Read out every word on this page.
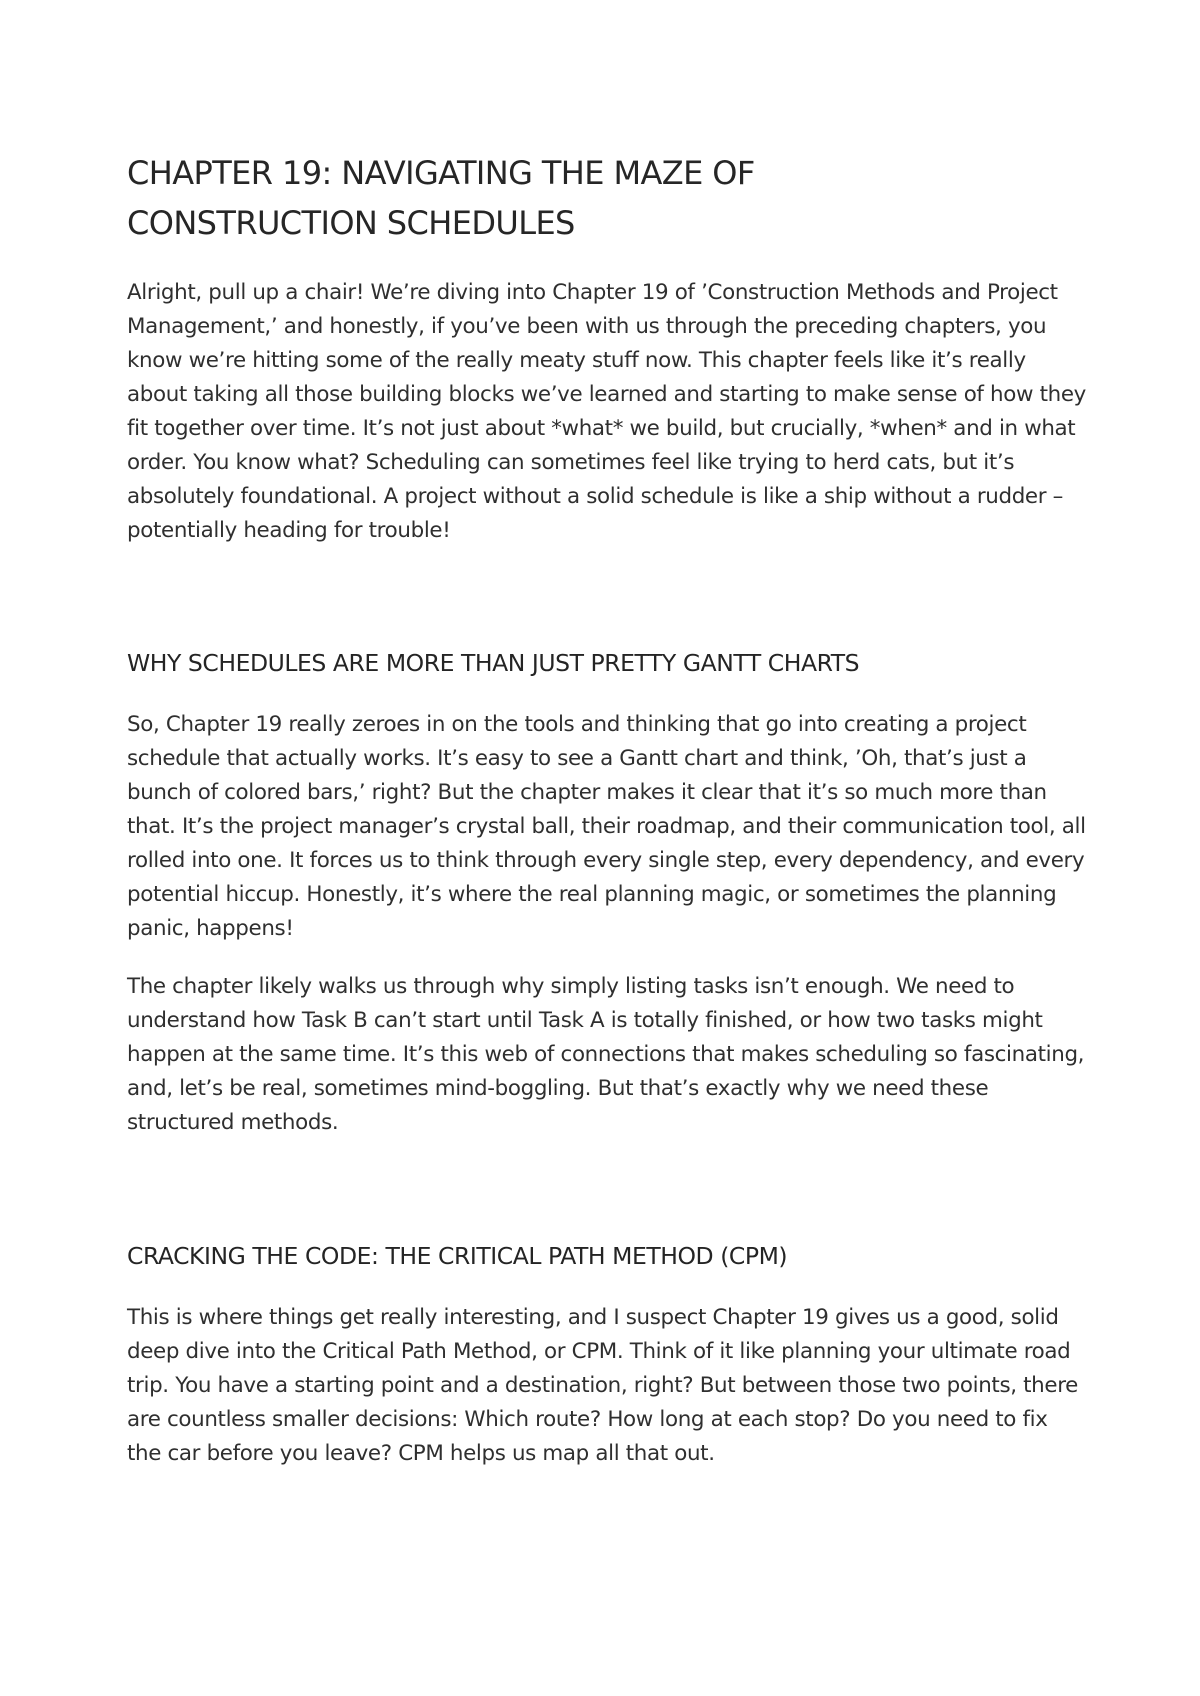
CHAPTER 19: NAVIGATING THE MAZE OF CONSTRUCTION SCHEDULES

Alright, pull up a chair! We’re diving into Chapter 19 of ’Construction Methods and Project Management,’ and honestly, if you’ve been with us through the preceding chapters, you know we’re hitting some of the really meaty stuff now. This chapter feels like it’s really about taking all those building blocks we’ve learned and starting to make sense of how they fit together over time. It’s not just about *what* we build, but crucially, *when* and in what order. You know what? Scheduling can sometimes feel like trying to herd cats, but it’s absolutely foundational. A project without a solid schedule is like a ship without a rudder – potentially heading for trouble!

WHY SCHEDULES ARE MORE THAN JUST PRETTY GANTT CHARTS

So, Chapter 19 really zeroes in on the tools and thinking that go into creating a project schedule that actually works. It’s easy to see a Gantt chart and think, ’Oh, that’s just a bunch of colored bars,’ right? But the chapter makes it clear that it’s so much more than that. It’s the project manager’s crystal ball, their roadmap, and their communication tool, all rolled into one. It forces us to think through every single step, every dependency, and every potential hiccup. Honestly, it’s where the real planning magic, or sometimes the planning panic, happens!

The chapter likely walks us through why simply listing tasks isn’t enough. We need to understand how Task B can’t start until Task A is totally finished, or how two tasks might happen at the same time. It’s this web of connections that makes scheduling so fascinating, and, let’s be real, sometimes mind-boggling. But that’s exactly why we need these structured methods.

CRACKING THE CODE: THE CRITICAL PATH METHOD (CPM)

This is where things get really interesting, and I suspect Chapter 19 gives us a good, solid deep dive into the Critical Path Method, or CPM. Think of it like planning your ultimate road trip. You have a starting point and a destination, right? But between those two points, there are countless smaller decisions: Which route? How long at each stop? Do you need to fix the car before you leave? CPM helps us map all that out.
